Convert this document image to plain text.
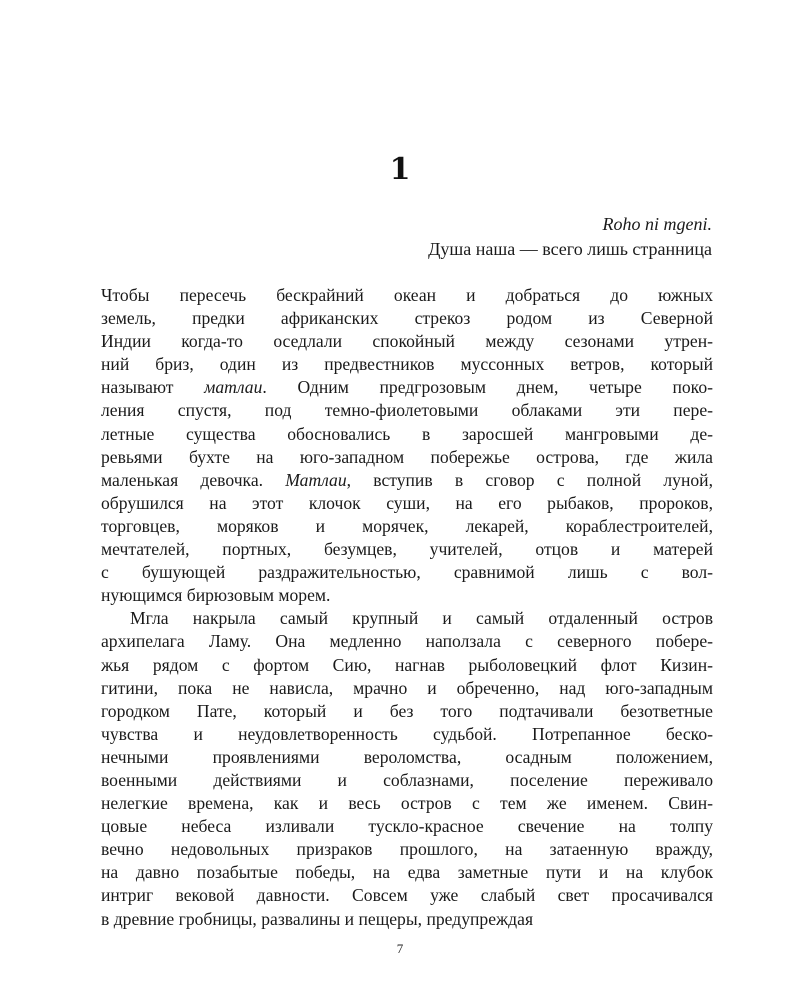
1
Roho ni mgeni.
Душа наша — всего лишь странница

Чтобы пересечь бескрайний океан и добраться до южных
земель, предки африканских стрекоз родом из Северной
Индии когда-то оседлали спокойный между сезонами утрен-
ний бриз, один из предвестников муссонных ветров, который
называют матлаи. Одним предгрозовым днем, четыре поко-
ления спустя, под темно-фиолетовыми облаками эти пере-
летные существа обосновались в заросшей мангровыми де-
ревьями бухте на юго-западном побережье острова, где жила
маленькая девочка. Матлаи, вступив в сговор с полной луной,
обрушился на этот клочок суши, на его рыбаков, пророков,
торговцев, моряков и морячек, лекарей, кораблестроителей,
мечтателей, портных, безумцев, учителей, отцов и матерей
с бушующей раздражительностью, сравнимой лишь с вол-
нующимся бирюзовым морем.

Мгла накрыла самый крупный и самый отдаленный остров
архипелага Ламу. Она медленно наползала с северного побере-
жья рядом с фортом Сию, нагнав рыболовецкий флот Кизин-
гитини, пока не нависла, мрачно и обреченно, над юго-западным
городком Пате, который и без того подтачивали безответные
чувства и неудовлетворенность судьбой. Потрепанное беско-
нечными проявлениями вероломства, осадным положением,
военными действиями и соблазнами, поселение переживало
нелегкие времена, как и весь остров с тем же именем. Свин-
цовые небеса изливали тускло-красное свечение на толпу
вечно недовольных призраков прошлого, на затаенную вражду,
на давно позабытые победы, на едва заметные пути и на клубок
интриг вековой давности. Совсем уже слабый свет просачивался
в древние гробницы, развалины и пещеры, предупреждая

7
